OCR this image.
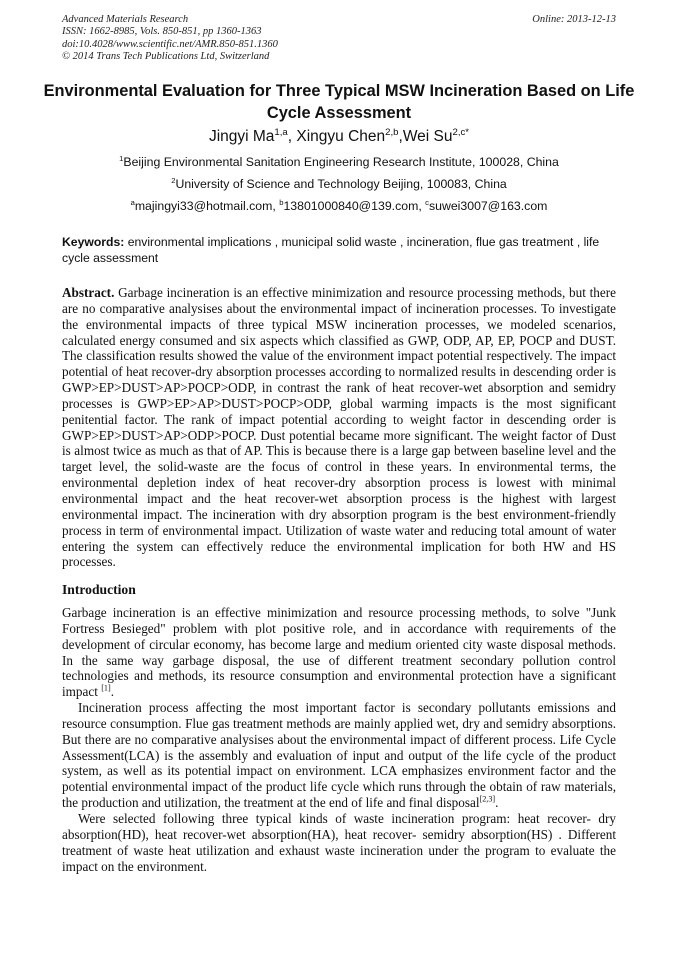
Advanced Materials Research
ISSN: 1662-8985, Vols. 850-851, pp 1360-1363
doi:10.4028/www.scientific.net/AMR.850-851.1360
© 2014 Trans Tech Publications Ltd, Switzerland
Online: 2013-12-13
Environmental Evaluation for Three Typical MSW Incineration Based on Life Cycle Assessment
Jingyi Ma$^{1,a}$, Xingyu Chen$^{2,b}$,Wei $Su^{2,c*}$
$^1$Beijing Environmental Sanitation Engineering Research Institute, 100028, China
$^2$University of Science and Technology Beijing, 100083, China
$^a$majingyi33@hotmail.com, $^b$13801000840@139.com, $^c$suwei3007@163.com
Keywords: environmental implications , municipal solid waste , incineration, flue gas treatment , life cycle assessment
Abstract. Garbage incineration is an effective minimization and resource processing methods, but there are no comparative analysises about the environmental impact of incineration processes. To investigate the environmental impacts of three typical MSW incineration processes, we modeled scenarios, calculated energy consumed and six aspects which classified as GWP, ODP, AP, EP, POCP and DUST. The classification results showed the value of the environment impact potential respectively. The impact potential of heat recover-dry absorption processes according to normalized results in descending order is GWP>EP>DUST>AP>POCP>ODP, in contrast the rank of heat recover-wet absorption and semidry processes is GWP>EP>AP>DUST>POCP>ODP, global warming impacts is the most significant penitential factor. The rank of impact potential according to weight factor in descending order is GWP>EP>DUST>AP>ODP>POCP. Dust potential became more significant. The weight factor of Dust is almost twice as much as that of AP. This is because there is a large gap between baseline level and the target level, the solid-waste are the focus of control in these years. In environmental terms, the environmental depletion index of heat recover-dry absorption process is lowest with minimal environmental impact and the heat recover-wet absorption process is the highest with largest environmental impact. The incineration with dry absorption program is the best environment-friendly process in term of environmental impact. Utilization of waste water and reducing total amount of water entering the system can effectively reduce the environmental implication for both HW and HS processes.
Introduction

Garbage incineration is an effective minimization and resource processing methods, to solve "Junk Fortress Besieged" problem with plot positive role, and in accordance with requirements of the development of circular economy, has become large and medium oriented city waste disposal methods. In the same way garbage disposal, the use of different treatment secondary pollution control technologies and methods, its resource consumption and environmental protection have a significant impact [1].

Incineration process affecting the most important factor is secondary pollutants emissions and resource consumption. Flue gas treatment methods are mainly applied wet, dry and semidry absorptions. But there are no comparative analysises about the environmental impact of different process. Life Cycle Assessment(LCA) is the assembly and evaluation of input and output of the life cycle of the product system, as well as its potential impact on environment. LCA emphasizes environment factor and the potential environmental impact of the product life cycle which runs through the obtain of raw materials, the production and utilization, the treatment at the end of life and final disposal[2,3].

Were selected following three typical kinds of waste incineration program: heat recover- dry absorption(HD), heat recover-wet absorption(HA), heat recover- semidry absorption(HS) . Different treatment of waste heat utilization and exhaust waste incineration under the program to evaluate the impact on the environment.
